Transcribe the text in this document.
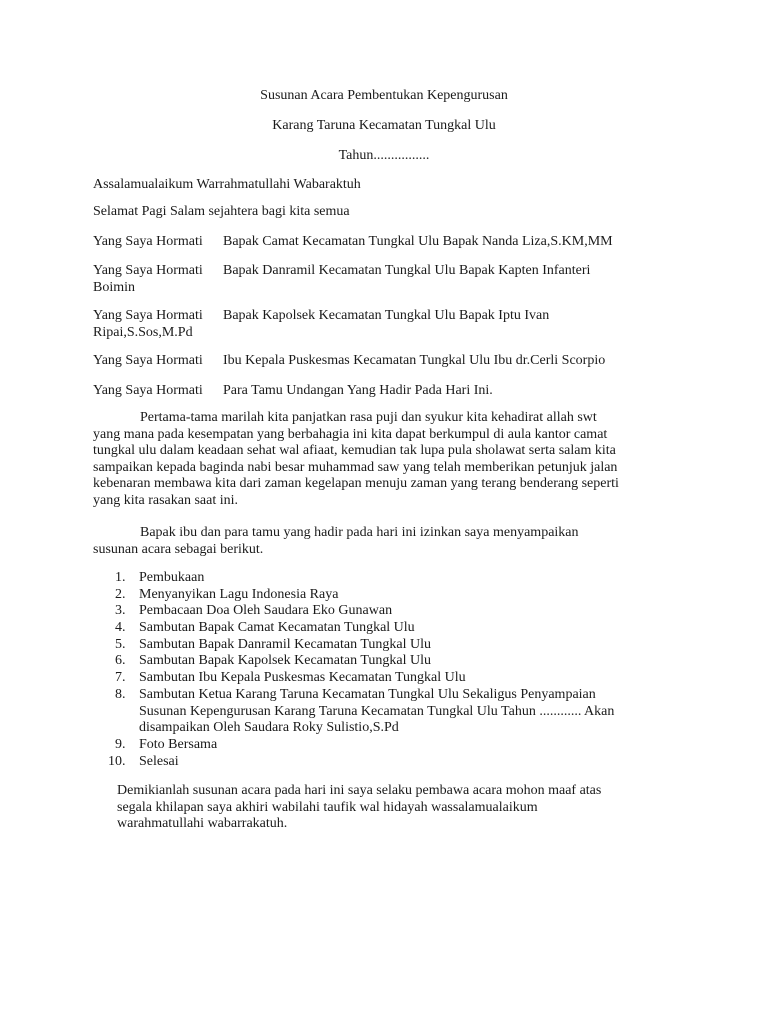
Susunan Acara Pembentukan Kepengurusan
Karang Taruna Kecamatan Tungkal Ulu
Tahun................
Assalamualaikum Warrahmatullahi Wabaraktuh
Selamat Pagi Salam sejahtera bagi kita semua
Yang Saya Hormati Bapak Camat Kecamatan Tungkal Ulu Bapak Nanda Liza,S.KM,MM
Yang Saya Hormati Bapak Danramil Kecamatan Tungkal Ulu Bapak Kapten Infanteri
Boimin
Yang Saya Hormati Bapak Kapolsek Kecamatan Tungkal Ulu Bapak Iptu Ivan
Ripai,S.Sos,M.Pd
Yang Saya Hormati Ibu Kepala Puskesmas Kecamatan Tungkal Ulu Ibu dr.Cerli Scorpio
Yang Saya Hormati Para Tamu Undangan Yang Hadir Pada Hari Ini.
Pertama-tama marilah kita panjatkan rasa puji dan syukur kita kehadirat allah swt
yang mana pada kesempatan yang berbahagia ini kita dapat berkumpul di aula kantor camat
tungkal ulu dalam keadaan sehat wal afiaat, kemudian tak lupa pula sholawat serta salam kita
sampaikan kepada baginda nabi besar muhammad saw yang telah memberikan petunjuk jalan
kebenaran membawa kita dari zaman kegelapan menuju zaman yang terang benderang seperti
yang kita rasakan saat ini.
Bapak ibu dan para tamu yang hadir pada hari ini izinkan saya menyampaikan
susunan acara sebagai berikut.
1. Pembukaan
2. Menyanyikan Lagu Indonesia Raya
3. Pembacaan Doa Oleh Saudara Eko Gunawan
4. Sambutan Bapak Camat Kecamatan Tungkal Ulu
5. Sambutan Bapak Danramil Kecamatan Tungkal Ulu
6. Sambutan Bapak Kapolsek Kecamatan Tungkal Ulu
7. Sambutan Ibu Kepala Puskesmas Kecamatan Tungkal Ulu
8. Sambutan Ketua Karang Taruna Kecamatan Tungkal Ulu Sekaligus Penyampaian
Susunan Kepengurusan Karang Taruna Kecamatan Tungkal Ulu Tahun ............ Akan
disampaikan Oleh Saudara Roky Sulistio,S.Pd
9. Foto Bersama
10. Selesai
Demikianlah susunan acara pada hari ini saya selaku pembawa acara mohon maaf atas
segala khilapan saya akhiri wabilahi taufik wal hidayah wassalamualaikum
warahmatullahi wabarrakatuh.
